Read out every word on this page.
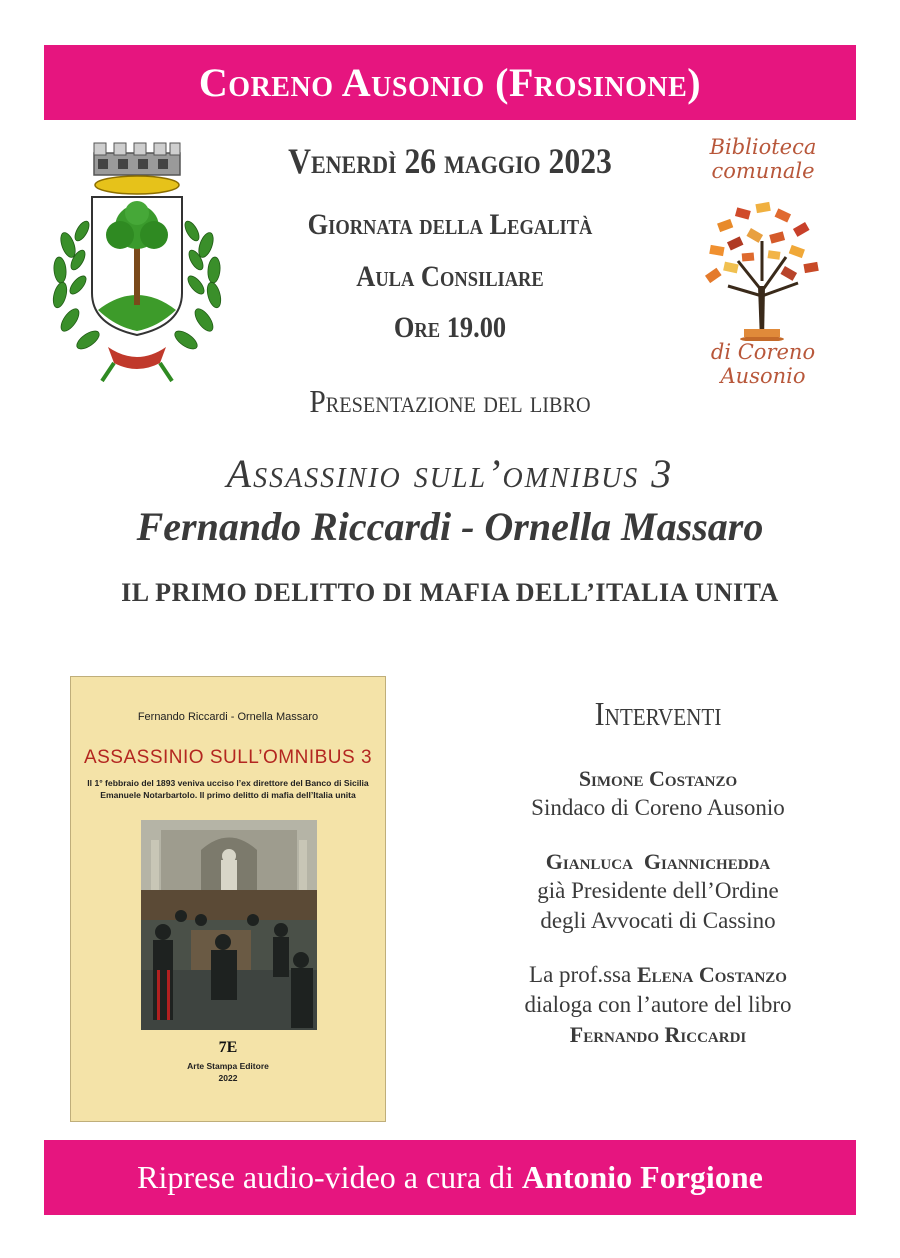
Coreno Ausonio (Frosinone)
Venerdì 26 maggio 2023
Giornata della Legalità
Aula Consiliare
Ore 19.00
Biblioteca comunale
di Coreno Ausonio
Presentazione del libro
Assassinio sull’omnibus 3
Fernando Riccardi - Ornella Massaro
IL PRIMO DELITTO DI MAFIA DELL’ITALIA UNITA
Fernando Riccardi - Ornella Massaro
ASSASSINIO SULL’OMNIBUS 3
Il 1° febbraio del 1893 veniva ucciso l’ex direttore del Banco di Sicilia Emanuele Notarbartolo. Il primo delitto di mafia dell’Italia unita
7E
Arte Stampa Editore
2022
Interventi
Simone Costanzo
Sindaco di Coreno Ausonio
Gianluca  Giannichedda
già Presidente dell’Ordine
degli Avvocati di Cassino
La prof.ssa Elena Costanzo
dialoga con l’autore del libro
Fernando Riccardi
Riprese audio-video a cura di Antonio Forgione
